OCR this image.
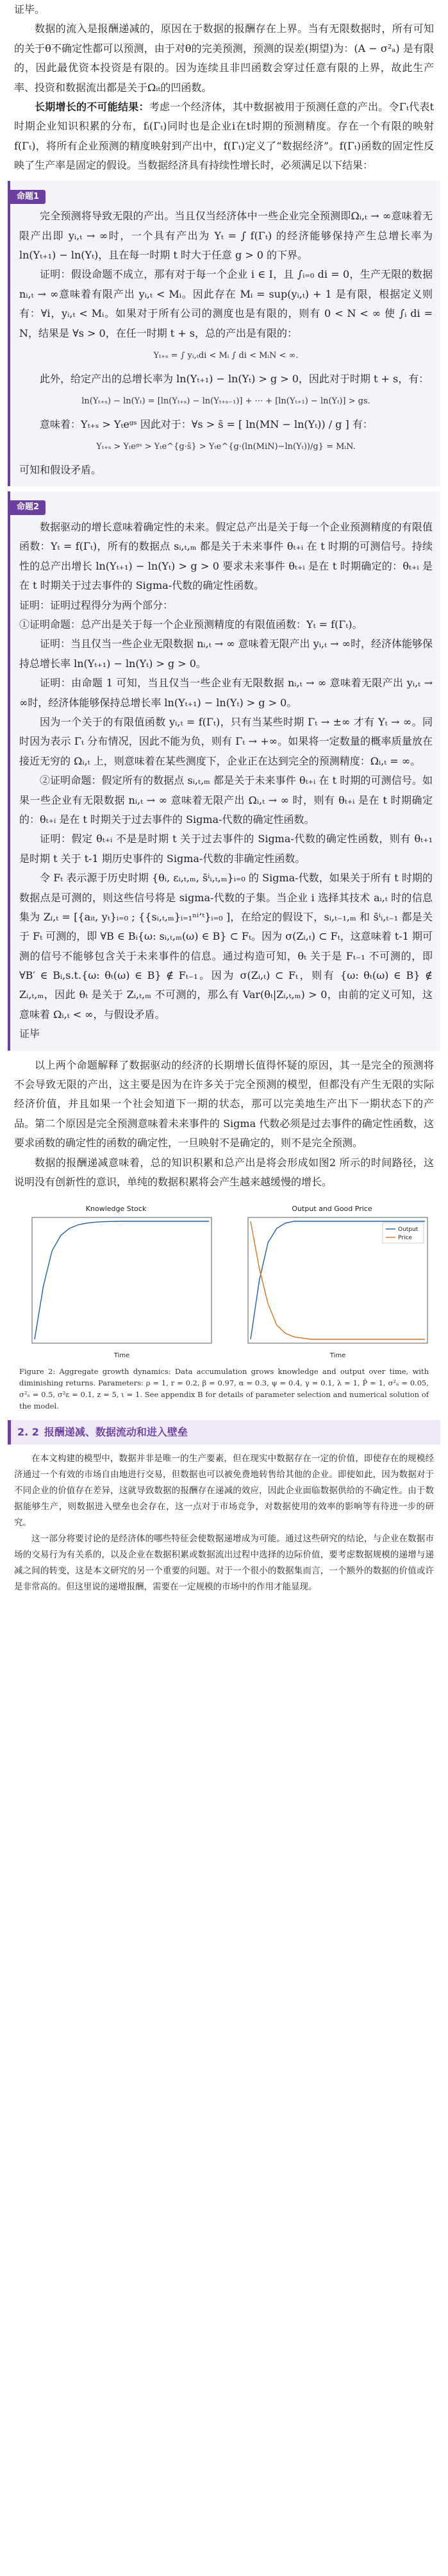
证毕。

数据的流入是报酬递减的，原因在于数据的报酬存在上界。当有无限数据时，所有可知的关于θ不确定性都可以预测，由于对θ的完美预测，预测的误差(期望)为：(A − σ²ₐ) 是有限的，因此最优资本投资是有限的。因为连续且非凹函数会穿过任意有限的上界，故此生产率、投资和数据流出都是关于Ωᵢₜ的凹函数。

长期增长的不可能结果：考虑一个经济体，其中数据被用于预测任意的产出。令Γₜ代表t时期企业知识积累的分布，fᵢ(Γₜ)同时也是企业i在t时期的预测精度。存在一个有限的映射 f(Γₜ)，将所有企业预测的精度映射到产出中，f(Γₜ)定义了“数据经济”。f(Γₜ)函数的固定性反映了生产率是固定的假设。当数据经济具有持续性增长时，必须满足以下结果：

命题1

完全预测将导致无限的产出。当且仅当经济体中一些企业完全预测即Ωᵢ,ₜ → ∞意味着无限产出即 yᵢ,ₜ → ∞时，一个具有产出为 Yₜ = ∫ f(Γₜ) 的经济能够保持产生总增长率为 ln(Yₜ₊₁) − ln(Yₜ)，且在每一时期 t 时大于任意 g > 0 的下界。

证明：假设命题不成立，那有对于每一个企业 i ∈ I，且 ∫ᵢ₌₀ di = 0，生产无限的数据 nᵢ,ₜ → ∞意味着有限产出 yᵢ,ₜ < Mᵢ。因此存在 Mᵢ = sup(yᵢ,ₜ) + 1 是有限，根据定义则有：∀i，yᵢ,ₜ < Mᵢ。如果对于所有公司的测度也是有限的，则有 0 < N < ∞ 使 ∫ᵢ di = N，结果是 ∀s > 0，在任一时期 t + s，总的产出是有限的：

Yₜ₊ₛ = ∫ yᵢ,ₜdi < Mᵢ ∫ di < MᵢN < ∞.

此外，给定产出的总增长率为 ln(Yₜ₊₁) − ln(Yₜ) > g > 0，因此对于时期 t + s，有：

ln(Yₜ₊ₛ) − ln(Yₜ) = [ln(Yₜ₊ₛ) − ln(Yₜ₊ₛ₋₁)] + ··· + [ln(Yₜ₊₁) − ln(Yₜ)] > gs.

意味着：Yₜ₊ₛ > Yₜeᵍˢ 因此对于：∀s > s̄ = [ ln(MN − ln(Yₜ)) / g ] 有：

Yₜ₊ₛ > Yₜeᵍˢ > Yₜe^{g·s̄} > Yₜe^{g·(ln(MiN)−ln(Yₜ))/g} = MᵢN.

可知和假设矛盾。

命题2

数据驱动的增长意味着确定性的未来。假定总产出是关于每一个企业预测精度的有限值函数：Yₜ = f(Γₜ)，所有的数据点 sᵢ,ₜ,ₘ 都是关于未来事件 θₜ₊ᵢ 在 t 时期的可测信号。持续性的总产出增长 ln(Yₜ₊₁) − ln(Yₜ) > g > 0 要求未来事件 θₜ₊ᵢ 是在 t 时期确定的：θₜ₊ᵢ 是在 t 时期关于过去事件的 Sigma-代数的确定性函数。

证明：证明过程得分为两个部分：

①证明命题：总产出是关于每一个企业预测精度的有限值函数：Yₜ = f(Γₜ)。

证明：当且仅当一些企业无限数据 nᵢ,ₜ → ∞ 意味着无限产出 yᵢ,ₜ → ∞时，经济体能够保持总增长率 ln(Yₜ₊₁) − ln(Yₜ) > g > 0。

证明：由命题 1 可知，当且仅当一些企业有无限数据 nᵢ,ₜ → ∞ 意味着无限产出 yᵢ,ₜ → ∞时，经济体能够保持总增长率 ln(Yₜ₊₁) − ln(Yₜ) > g > 0。

因为一个关于的有限值函数 yᵢ,ₜ = f(Γₜ)，只有当某些时期 Γₜ → ±∞ 才有 Yₜ → ∞。同时因为表示 Γₜ 分布情况，因此不能为负，则有 Γₜ → +∞。如果将一定数量的概率质量放在接近无穷的 Ωᵢ,ₜ 上，则意味着在某些测度下，企业正在达到完全的预测精度：Ωᵢ,ₜ = ∞。

②证明命题：假定所有的数据点 sᵢ,ₜ,ₘ 都是关于未来事件 θₜ₊ᵢ 在 t 时期的可测信号。如果一些企业有无限数据 nᵢ,ₜ → ∞ 意味着无限产出 Ωᵢ,ₜ → ∞ 时，则有 θₜ₊ᵢ 是在 t 时期确定的：θₜ₊ᵢ 是在 t 时期关于过去事件的 Sigma-代数的确定性函数。

证明：假定 θₜ₊ᵢ 不是是时期 t 关于过去事件的 Sigma-代数的确定性函数，则有 θₜ₊₁ 是时期 t 关于 t-1 期历史事件的 Sigma-代数的非确定性函数。

令 Fₜ 表示源于历史时期 {θᵢ, εᵢ,ₜ,ₘ, s̄ⁱᵢ,ₜ,ₘ}ᵢ₌₀ 的 Sigma-代数，如果关于所有 t 时期的数据点是可测的，则这些信号将是 sigma-代数的子集。当企业 i 选择其技术 aᵢ,ₜ 时的信息集为 Zᵢ,ₜ = [{aᵢₜ, yₜ}ᵢ₌₀ ; {{sᵢ,ₜ,ₘ}ᵢ₌₁ⁿⁱ’ᵗ}ᵢ₌₀ ]，在给定的假设下，sᵢ,ₜ₋₁,ₘ 和 s̄ⁱᵢ,ₜ₋₁ 都是关于 Fₜ 可测的，即 ∀B ∈ Bᵢ{ω: sᵢ,ₜ,ₘ(ω) ∈ B} ⊂ Fₜ。因为 σ(Zᵢ,ₜ) ⊂ Fₜ，这意味着 t-1 期可测的信号不能够包含关于未来事件的信息。通过构造可知，θₜ 关于是 Fₜ₋₁ 不可测的，即 ∀B′ ∈ Bᵢ,s.t.{ω: θₜ(ω) ∈ B} ∉ Fₜ₋₁。因为 σ(Zᵢ,ₜ) ⊂ Fₜ，则有 {ω: θₜ(ω) ∈ B} ∉ Zᵢ,ₜ,ₘ，因此 θₜ 是关于 Zᵢ,ₜ,ₘ 不可测的，那么有 Var(θₜ|Zᵢ,ₜ,ₘ) > 0，由前的定义可知，这意味着 Ωᵢ,ₜ < ∞，与假设矛盾。

证毕

以上两个命题解释了数据驱动的经济的长期增长值得怀疑的原因，其一是完全的预测将不会导致无限的产出，这主要是因为在许多关于完全预测的模型，但都没有产生无限的实际经济价值，并且如果一个社会知道下一期的状态，那可以完美地生产出下一期状态下的产品。第二个原因是完全预测意味着未来事件的 Sigma 代数必须是过去事件的确定性函数，这要求函数的确定性的函数的确定性，一旦映射不是确定的，则不是完全预测。

数据的报酬递减意味着，总的知识积累和总产出是将会形成如图2 所示的时间路径，这说明没有创新性的意识，单纯的数据积累将会产生越来越缓慢的增长。

Knowledge Stock
Time
Output and Good Price
Time
Output
Price
Figure 2: Aggregate growth dynamics: Data accumulation grows knowledge and output over time, with diminishing returns. Parameters: ρ = 1, r = 0.2, β = 0.97, α = 0.3, ψ = 0.4, γ = 0.1, λ = 1, P̄ = 1, σ²ₐ = 0.05, σ²ₑ = 0.5, σ²ε = 0.1, z = 5, ι = 1. See appendix B for details of parameter selection and numerical solution of the model.
2. 2 报酬递减、数据流动和进入壁垒

在本文构建的模型中，数据并非是唯一的生产要素，但在现实中数据存在一定的价值，即使存在的规模经济通过一个有效的市场自由地进行交易，但数据也可以被免费地转售给其他的企业。即使如此，因为数据对于不同企业的价值存在差异，这就导致数据的报酬存在递减的效应，因此企业面临数据供给的不确定性。由于数据能够生产，则数据进入壁垒也会存在，这一点对于市场竞争，对数据使用的效率的影响等有待进一步的研究。

这一部分将要讨论的是经济体的哪些特征会使数据递增成为可能。通过这些研究的结论，与企业在数据市场的交易行为有关系的，以及企业在数据积累或数据流出过程中选择的边际价值，要考虑数据规模的递增与递减之间的转变，这是本文研究的另一个重要的问题。对于一个很小的数据集而言，一个额外的数据的价值或许是非常高的。但这里说的递增报酬，需要在一定规模的市场中的作用才能显现。
